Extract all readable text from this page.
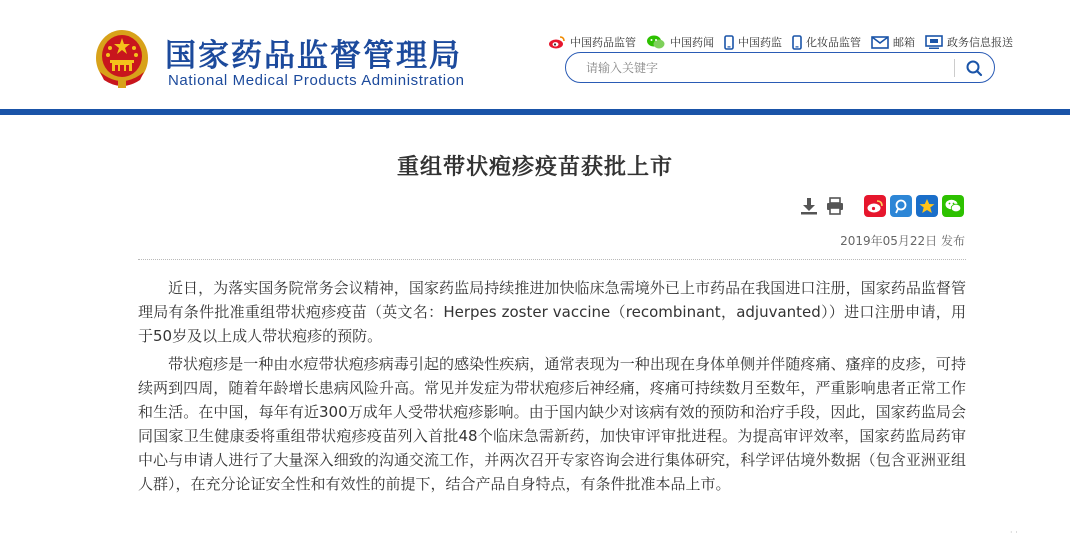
国家药品监督管理局
National Medical Products Administration
中国药品监管	中国药闻 中国药监 化妆品监管	邮箱	政务信息报送
请输入关键字
重组带状疱疹疫苗获批上市
2019年05月22日 发布

近日，为落实国务院常务会议精神，国家药监局持续推进加快临床急需境外已上市药品在我国进口注册，国家药品监督管理局有条件批准重组带状疱疹疫苗（英文名：Herpes zoster vaccine（recombinant，adjuvanted））进口注册申请，用于50岁及以上成人带状疱疹的预防。

带状疱疹是一种由水痘带状疱疹病毒引起的感染性疾病，通常表现为一种出现在身体单侧并伴随疼痛、瘙痒的皮疹，可持续两到四周，随着年龄增长患病风险升高。常见并发症为带状疱疹后神经痛，疼痛可持续数月至数年，严重影响患者正常工作和生活。在中国，每年有近300万成年人受带状疱疹影响。由于国内缺少对该病有效的预防和治疗手段，因此，国家药监局会同国家卫生健康委将重组带状疱疹疫苗列入首批48个临床急需新药，加快审评审批进程。为提高审评效率，国家药监局药审中心与申请人进行了大量深入细致的沟通交流工作，并两次召开专家咨询会进行集体研究，科学评估境外数据（包含亚洲亚组人群），在充分论证安全性和有效性的前提下，结合产品自身特点，有条件批准本品上市。

· ·
